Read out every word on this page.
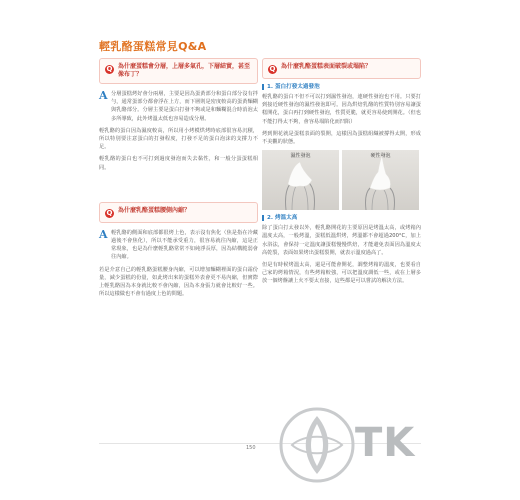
輕乳酪蛋糕常見Q&A
Q 為什麼蛋糕會分層，上層多氣孔，下層結實，甚至像布丁？
A 分層蛋糕烤好會分兩層，主要是因為蛋黃部分和蛋白部分沒有拌勻，通常蛋部分都會浮在上方，而下層則是密度較高的蛋黃麵糊與乳酪部分。分層主要是蛋白打發不夠或是和麵糊混合時消泡太多所導致，此外烤溫太低也容易造成分層。

輕乳酪的蛋白因為濕度較高，所以用小烤模烘烤時底部很容易沉積，所以特別要注意蛋白的打發程度，打發不足的蛋白泡沫的支撐力不足。

輕乳酪的蛋白也不可打到過度發泡而失去黏性，和一般分蛋蛋糕相同。

Q 為什麼乳酪蛋糕腰側內縮？
A 輕乳酪的側面和底部都很烤上色，表示沒有焦化（焦是指在冷藏過後不會焦化），所以不能承受重力，很容易就往內縮，這是正常現象，也是為什麼輕乳酪常常不如純淨長厚，因為結構脆弱會往內縮。

若是介意自己的輕乳酪蛋糕腰身內縮，可以增加麵糊裡面的蛋白霜份量，減少蛋糕的份量，如此烤出來的蛋糕外表會更不易內縮，但實際上輕乳酪因為本身就比較不會內縮，因為本身張力就會比較好一些。所以這樣做也不會有過度上色的問題。

Q 為什麼乳酪蛋糕表面破裂或塌陷？
1. 蛋白打發太過發泡

輕乳酪的蛋白不但不可以打到濕性發泡，連硬性發泡也不用。只要打到接近硬性發泡的濕性發泡即可。因為烘焙乳酪的性質特別容易讓蛋糕開花，蛋白再打到硬性發泡，性質更脆，就更容易使到開花。（但也不能打得太不夠，會容易塌陷化而凹陷）

烤到開花就是蛋糕表面的裂開，這樣因為蛋糕組織被撐得太開，形成不美觀的狀態。

濕性發泡	硬性發泡
2. 烤溫太高

除了蛋白打太發以外，輕乳酪開花的主要原因是烤溫太高，或烤箱內溫度太高，一般烤溫，蛋糕低溫烘烤，烤溫都不會超過200°C，加上水浴法，會保持一定溫度讓蛋糕慢慢烘焙，才能避免表面因為溫度太高乾裂，表面如果烤出蛋糕裂開，就表示溫度過高了。

但是有時候烤溫太高，還是可能會開花，調整烤箱的溫度，也要看自己家的烤箱情況，有些烤箱較強，可以把溫度調低一些，或在上層多放一個烤盤讓上火不要太直接，這些都是可以嘗試的解決方法。

150 TK
